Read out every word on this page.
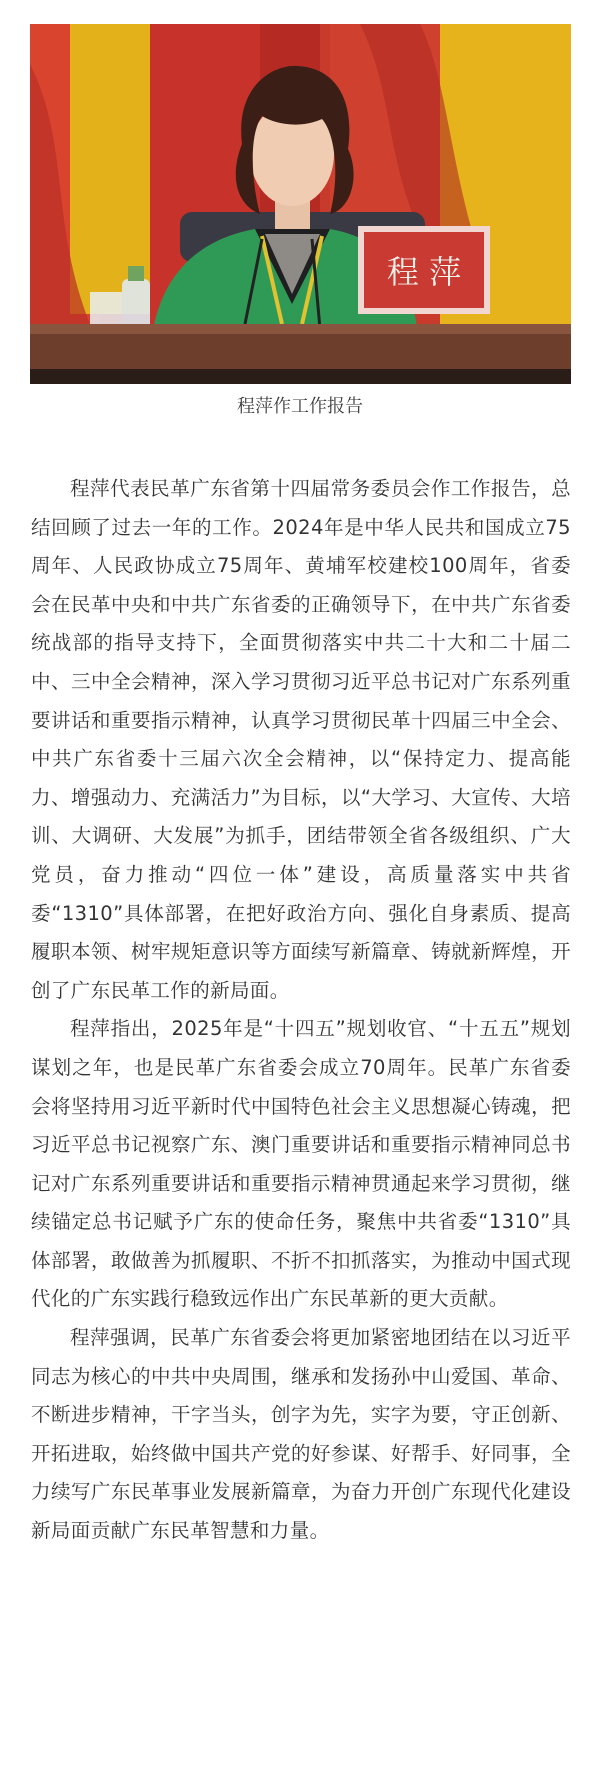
程 萍
程萍作工作报告

程萍代表民革广东省第十四届常务委员会作工作报告，总结回顾了过去一年的工作。2024年是中华人民共和国成立75周年、人民政协成立75周年、黄埔军校建校100周年，省委会在民革中央和中共广东省委的正确领导下，在中共广东省委统战部的指导支持下，全面贯彻落实中共二十大和二十届二中、三中全会精神，深入学习贯彻习近平总书记对广东系列重要讲话和重要指示精神，认真学习贯彻民革十四届三中全会、中共广东省委十三届六次全会精神，以“保持定力、提高能力、增强动力、充满活力”为目标，以“大学习、大宣传、大培训、大调研、大发展”为抓手，团结带领全省各级组织、广大党员，奋力推动“四位一体”建设，高质量落实中共省委“1310”具体部署，在把好政治方向、强化自身素质、提高履职本领、树牢规矩意识等方面续写新篇章、铸就新辉煌，开创了广东民革工作的新局面。

程萍指出，2025年是“十四五”规划收官、“十五五”规划谋划之年，也是民革广东省委会成立70周年。民革广东省委会将坚持用习近平新时代中国特色社会主义思想凝心铸魂，把习近平总书记视察广东、澳门重要讲话和重要指示精神同总书记对广东系列重要讲话和重要指示精神贯通起来学习贯彻，继续锚定总书记赋予广东的使命任务，聚焦中共省委“1310”具体部署，敢做善为抓履职、不折不扣抓落实，为推动中国式现代化的广东实践行稳致远作出广东民革新的更大贡献。

程萍强调，民革广东省委会将更加紧密地团结在以习近平同志为核心的中共中央周围，继承和发扬孙中山爱国、革命、不断进步精神，干字当头，创字为先，实字为要，守正创新、开拓进取，始终做中国共产党的好参谋、好帮手、好同事，全力续写广东民革事业发展新篇章，为奋力开创广东现代化建设新局面贡献广东民革智慧和力量。
